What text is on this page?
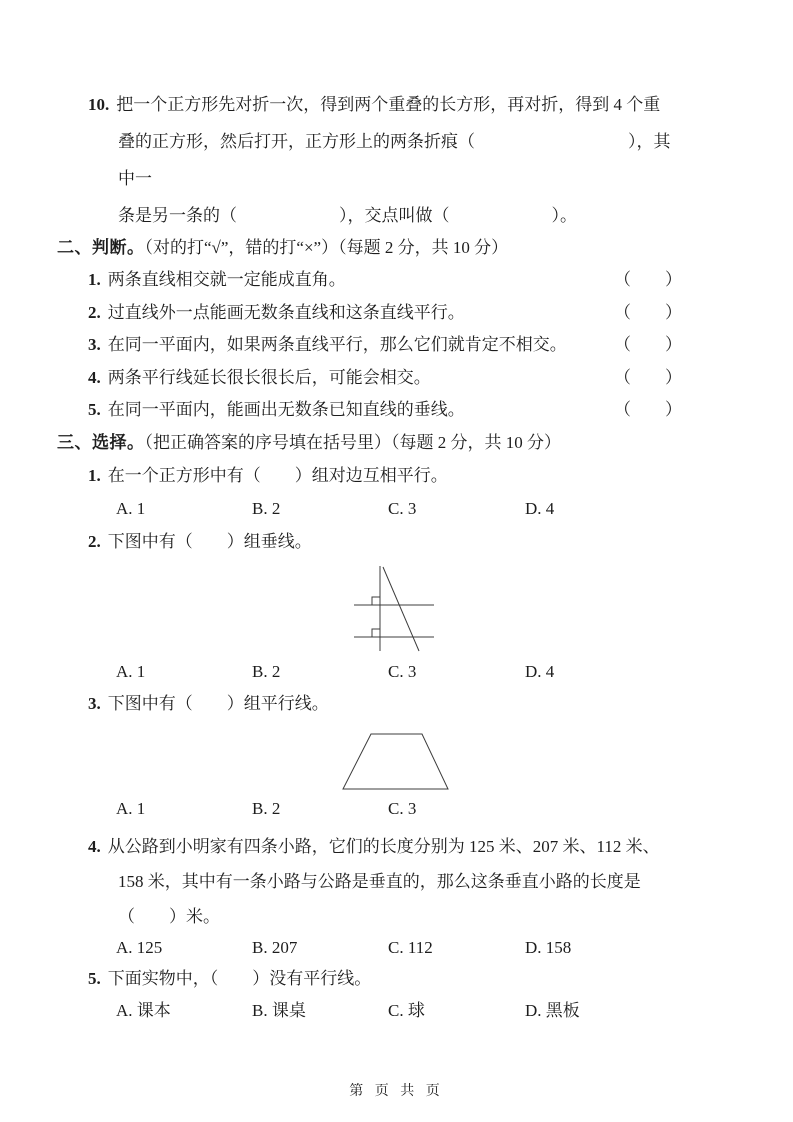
10. 把一个正方形先对折一次，得到两个重叠的长方形，再对折，得到 4 个重
叠的正方形，然后打开，正方形上的两条折痕（　　　　　　　　　），其中一
条是另一条的（　　　　　　），交点叫做（　　　　　　）。
二、判断。（对的打“√”，错的打“×”）（每题 2 分，共 10 分）
1. 两条直线相交就一定能成直角。	（　　）
2. 过直线外一点能画无数条直线和这条直线平行。	（　　）
3. 在同一平面内，如果两条直线平行，那么它们就肯定不相交。	（　　）
4. 两条平行线延长很长很长后，可能会相交。	（　　）
5. 在同一平面内，能画出无数条已知直线的垂线。	（　　）
三、选择。（把正确答案的序号填在括号里）（每题 2 分，共 10 分）
1. 在一个正方形中有（　　）组对边互相平行。
A. 1	B. 2	C. 3	D. 4
2. 下图中有（　　）组垂线。
A. 1	B. 2	C. 3	D. 4
3. 下图中有（　　）组平行线。
A. 1	B. 2	C. 3
4. 从公路到小明家有四条小路，它们的长度分别为 125 米、207 米、112 米、
158 米，其中有一条小路与公路是垂直的，那么这条垂直小路的长度是
（　　）米。
A. 125	B. 207	C. 112	D. 158
5. 下面实物中，（　　）没有平行线。
A. 课本	B. 课桌	C. 球	D. 黑板
第 页 共 页
